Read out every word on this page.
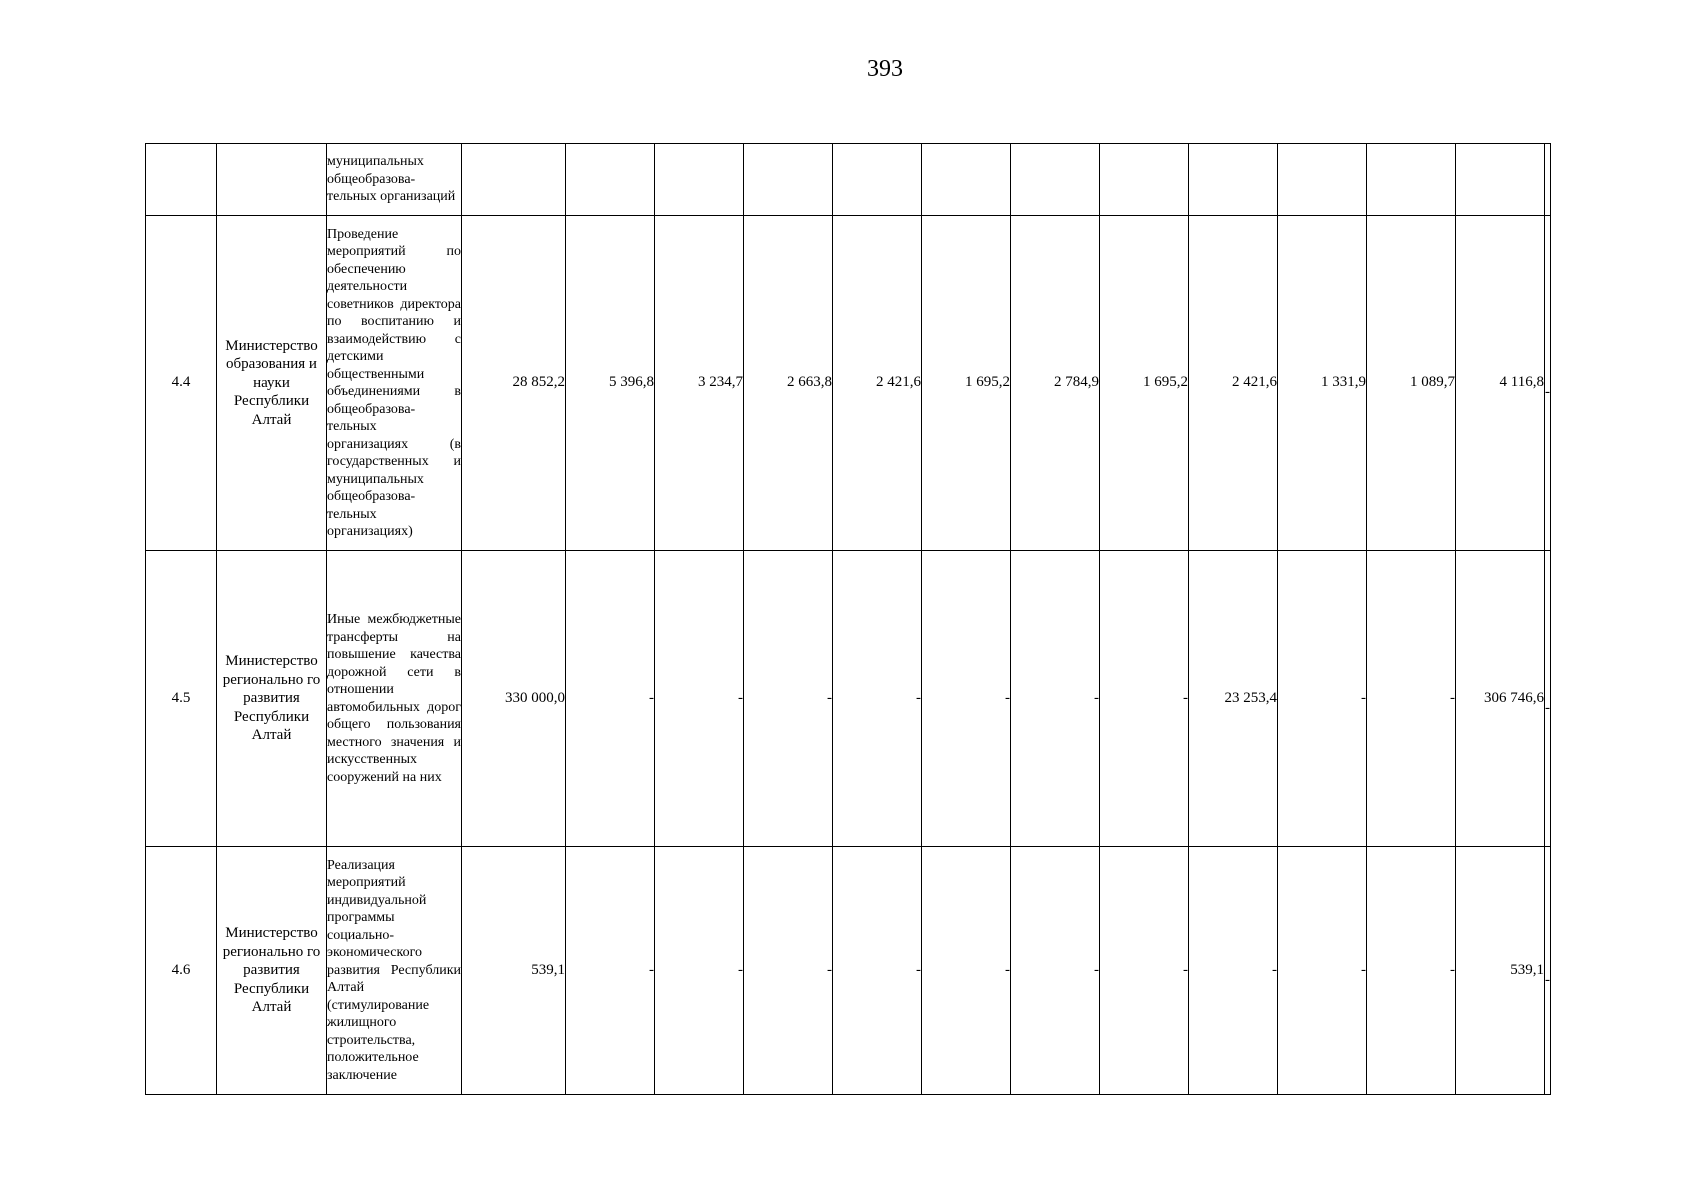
393
		муниципальных общеобразова-тельных организаций													
4.4	Министерство образования и науки Республики Алтай	Проведение мероприятий по обеспечению деятельности советников директора по воспитанию и взаимодействию с детскими общественными объединениями в общеобразова-тельных организациях (в государственных и муниципальных общеобразова-тельных организациях)	28 852,2	5 396,8	3 234,7	2 663,8	2 421,6	1 695,2	2 784,9	1 695,2	2 421,6	1 331,9	1 089,7	4 116,8	-
4.5	Министерство регионально го развития Республики Алтай	Иные межбюджетные трансферты на повышение качества дорожной сети в отношении автомобильных дорог общего пользования местного значения и искусственных сооружений на них	330 000,0	-	-	-	-	-	-	-	23 253,4	-	-	306 746,6	-
4.6	Министерство регионально го развития Республики Алтай	Реализация мероприятий индивидуальной программы социально-экономического развития Республики Алтай (стимулирование жилищного строительства, положительное заключение	539,1	-	-	-	-	-	-	-	-	-	-	539,1	-
